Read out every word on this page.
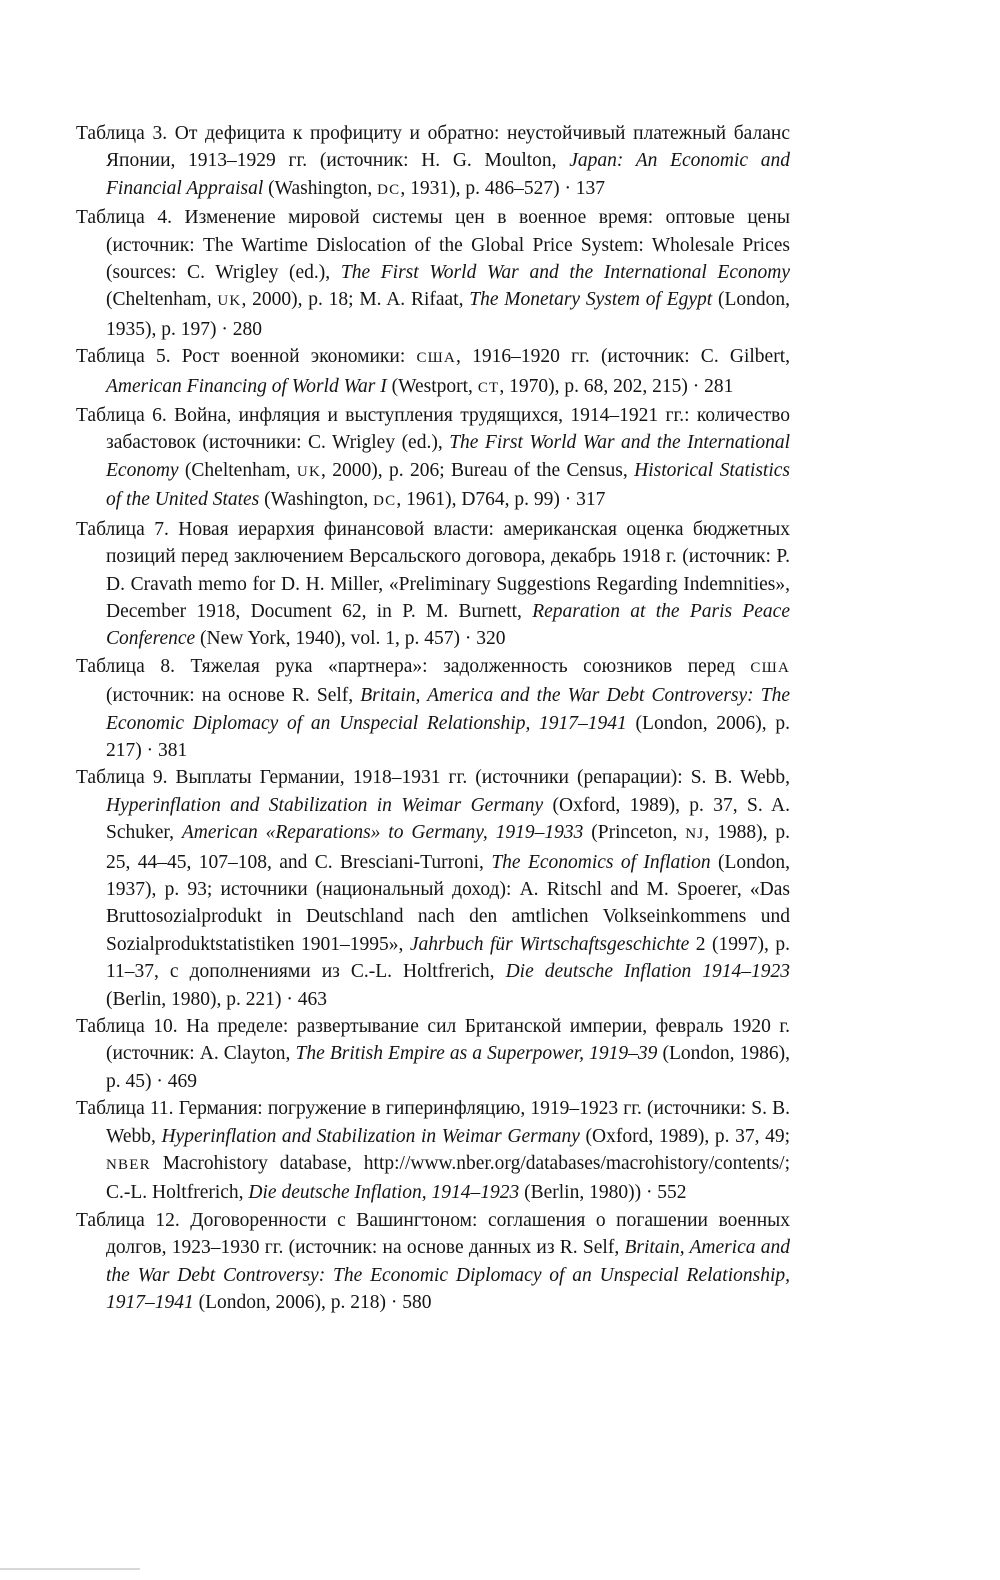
Таблица 3. От дефицита к профициту и обратно: неустойчивый платежный баланс Японии, 1913–1929 гг. (источник: H. G. Moulton, Japan: An Economic and Financial Appraisal (Washington, DC, 1931), p. 486–527) · 137

Таблица 4. Изменение мировой системы цен в военное время: оптовые цены (источник: The Wartime Dislocation of the Global Price System: Wholesale Prices (sources: C. Wrigley (ed.), The First World War and the International Economy (Cheltenham, UK, 2000), p. 18; M. A. Rifaat, The Monetary System of Egypt (London, 1935), p. 197) · 280

Таблица 5. Рост военной экономики: США, 1916–1920 гг. (источник: C. Gilbert, American Financing of World War I (Westport, CT, 1970), p. 68, 202, 215) · 281

Таблица 6. Война, инфляция и выступления трудящихся, 1914–1921 гг.: количество забастовок (источники: C. Wrigley (ed.), The First World War and the International Economy (Cheltenham, UK, 2000), p. 206; Bureau of the Census, Historical Statistics of the United States (Washington, DC, 1961), D764, p. 99) · 317

Таблица 7. Новая иерархия финансовой власти: американская оценка бюджетных позиций перед заключением Версальского договора, декабрь 1918 г. (источник: P. D. Cravath memo for D. H. Miller, «Preliminary Suggestions Regarding Indemnities», December 1918, Document 62, in P. M. Burnett, Reparation at the Paris Peace Conference (New York, 1940), vol. 1, p. 457) · 320

Таблица 8. Тяжелая рука «партнера»: задолженность союзников перед США (источник: на основе R. Self, Britain, America and the War Debt Controversy: The Economic Diplomacy of an Unspecial Relationship, 1917–1941 (London, 2006), p. 217) · 381

Таблица 9. Выплаты Германии, 1918–1931 гг. (источники (репарации): S. B. Webb, Hyperinflation and Stabilization in Weimar Germany (Oxford, 1989), p. 37, S. A. Schuker, American «Reparations» to Germany, 1919–1933 (Princeton, NJ, 1988), p. 25, 44–45, 107–108, and C. Bresciani-Turroni, The Economics of Inflation (London, 1937), p. 93; источники (национальный доход): A. Ritschl and M. Spoerer, «Das Bruttosozialprodukt in Deutschland nach den amtlichen Volkseinkommens und Sozialproduktstatistiken 1901–1995», Jahrbuch für Wirtschaftsgeschichte 2 (1997), p. 11–37, с дополнениями из C.-L. Holtfrerich, Die deutsche Inflation 1914–1923 (Berlin, 1980), p. 221) · 463

Таблица 10. На пределе: развертывание сил Британской империи, февраль 1920 г. (источник: A. Clayton, The British Empire as a Superpower, 1919–39 (London, 1986), p. 45) · 469

Таблица 11. Германия: погружение в гиперинфляцию, 1919–1923 гг. (источники: S. B. Webb, Hyperinflation and Stabilization in Weimar Germany (Oxford, 1989), p. 37, 49; NBER Macrohistory database, http://www.nber.org/databases/macrohistory/contents/; C.-L. Holtfrerich, Die deutsche Inflation, 1914–1923 (Berlin, 1980)) · 552

Таблица 12. Договоренности с Вашингтоном: соглашения о погашении военных долгов, 1923–1930 гг. (источник: на основе данных из R. Self, Britain, America and the War Debt Controversy: The Economic Diplomacy of an Unspecial Relationship, 1917–1941 (London, 2006), p. 218) · 580
